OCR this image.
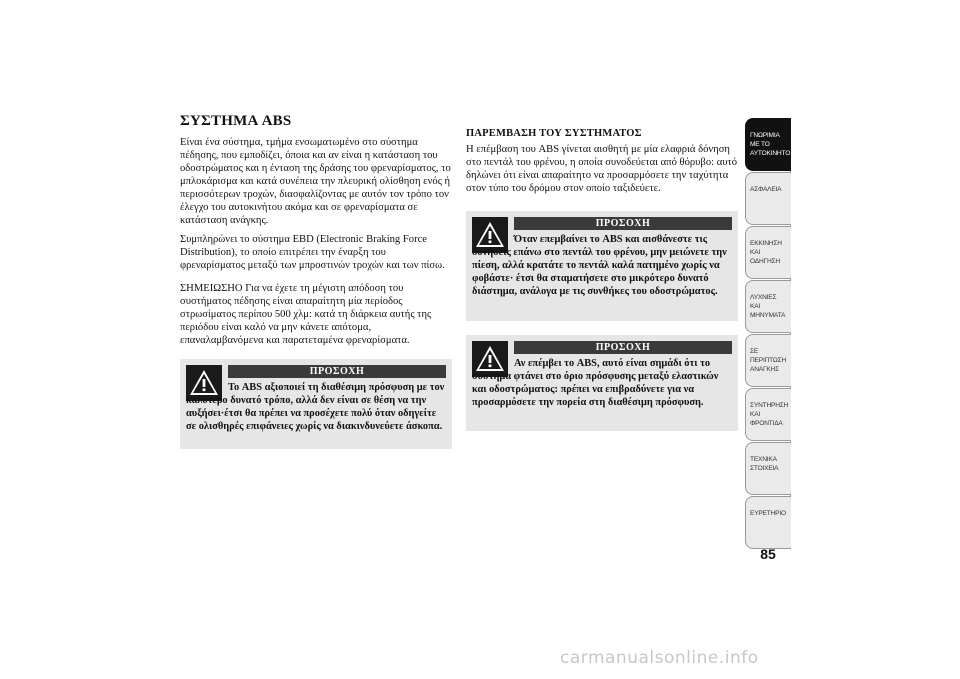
ΣΥΣΤΗΜΑ ABS
Είναι ένα σύστημα, τμήμα ενσωματωμένο στο σύστημα πέδησης, που εμποδίζει, όποια και αν είναι η κατάσταση του οδοστρώματος και η ένταση της δράσης του φρεναρίσματος, το μπλοκάρισμα και κατά συνέπεια την πλευρική ολίσθηση ενός ή περισσότερων τροχών, διασφαλίζοντας με αυτόν τον τρόπο τον έλεγχο του αυτοκινήτου ακόμα και σε φρεναρίσματα σε κατάσταση ανάγκης.
Συμπληρώνει το σύστημα EBD (Electronic Braking Force Distribution), το οποίο επιτρέπει την έναρξη του φρεναρίσματος μεταξύ των μπροστινών τροχών και των πίσω.
ΣΗΜΕΙΩΣΗΟ Για να έχετε τη μέγιστη απόδοση του συστήματος πέδησης είναι απαραίτητη μία περίοδος στρωσίματος περίπου 500 χλμ: κατά τη διάρκεια αυτής της περιόδου είναι καλό να μην κάνετε απότομα, επαναλαμβανόμενα και παρατεταμένα φρεναρίσματα.
ΠΡΟΣΟΧΗ
Το ABS αξιοποιεί τη διαθέσιμη πρόσφυση με τον καλύτερο δυνατό τρόπο, αλλά δεν είναι σε θέση να την αυξήσει·έτσι θα πρέπει να προσέχετε πολύ όταν οδηγείτε σε ολισθηρές επιφάνειες χωρίς να διακινδυνεύετε άσκοπα.
ΠΑΡΕΜΒΑΣΗ ΤΟΥ ΣΥΣΤΗΜΑΤΟΣ
Η επέμβαση του ABS γίνεται αισθητή με μία ελαφριά δόνηση στο πεντάλ του φρένου, η οποία συνοδεύεται από θόρυβο: αυτό δηλώνει ότι είναι απαραίτητο να προσαρμόσετε την ταχύτητα στον τύπο του δρόμου στον οποίο ταξιδεύετε.
ΠΡΟΣΟΧΗ
Όταν επεμβαίνει το ABS και αισθάνεστε τις δονήσεις επάνω στο πεντάλ του φρένου, μην μειώνετε την πίεση, αλλά κρατάτε το πεντάλ καλά πατημένο χωρίς να φοβάστε· έτσι θα σταματήσετε στο μικρότερο δυνατό διάστημα, ανάλογα με τις συνθήκες του οδοστρώματος.
ΠΡΟΣΟΧΗ
Αν επέμβει το ABS, αυτό είναι σημάδι ότι το σύστημα φτάνει στο όριο πρόσφυσης μεταξύ ελαστικών και οδοστρώματος: πρέπει να επιβραδύνετε για να προσαρμόσετε την πορεία στη διαθέσιμη πρόσφυση.
ΓΝΩΡΙΜΙΑ ΜΕ ΤΟ ΑΥΤΟΚΙΝΗΤΟ
ΑΣΦΑΛΕΙΑ
ΕΚΚΙΝΗΣΗ ΚΑΙ ΟΔΗΓΗΣΗ
ΛΥΧΝΙΕΣ ΚΑΙ ΜΗΝΥΜΑΤΑ
ΣΕ ΠΕΡΙΠΤΩΣΗ ΑΝΑΓΚΗΣ
ΣΥΝΤΗΡΗΣΗ ΚΑΙ ΦΡΟΝΤΙΔΑ
ΤΕΧΝΙΚΑ ΣΤΟΙΧΕΙΑ
ΕΥΡΕΤΗΡΙΟ
85
carmanualsonline.info
